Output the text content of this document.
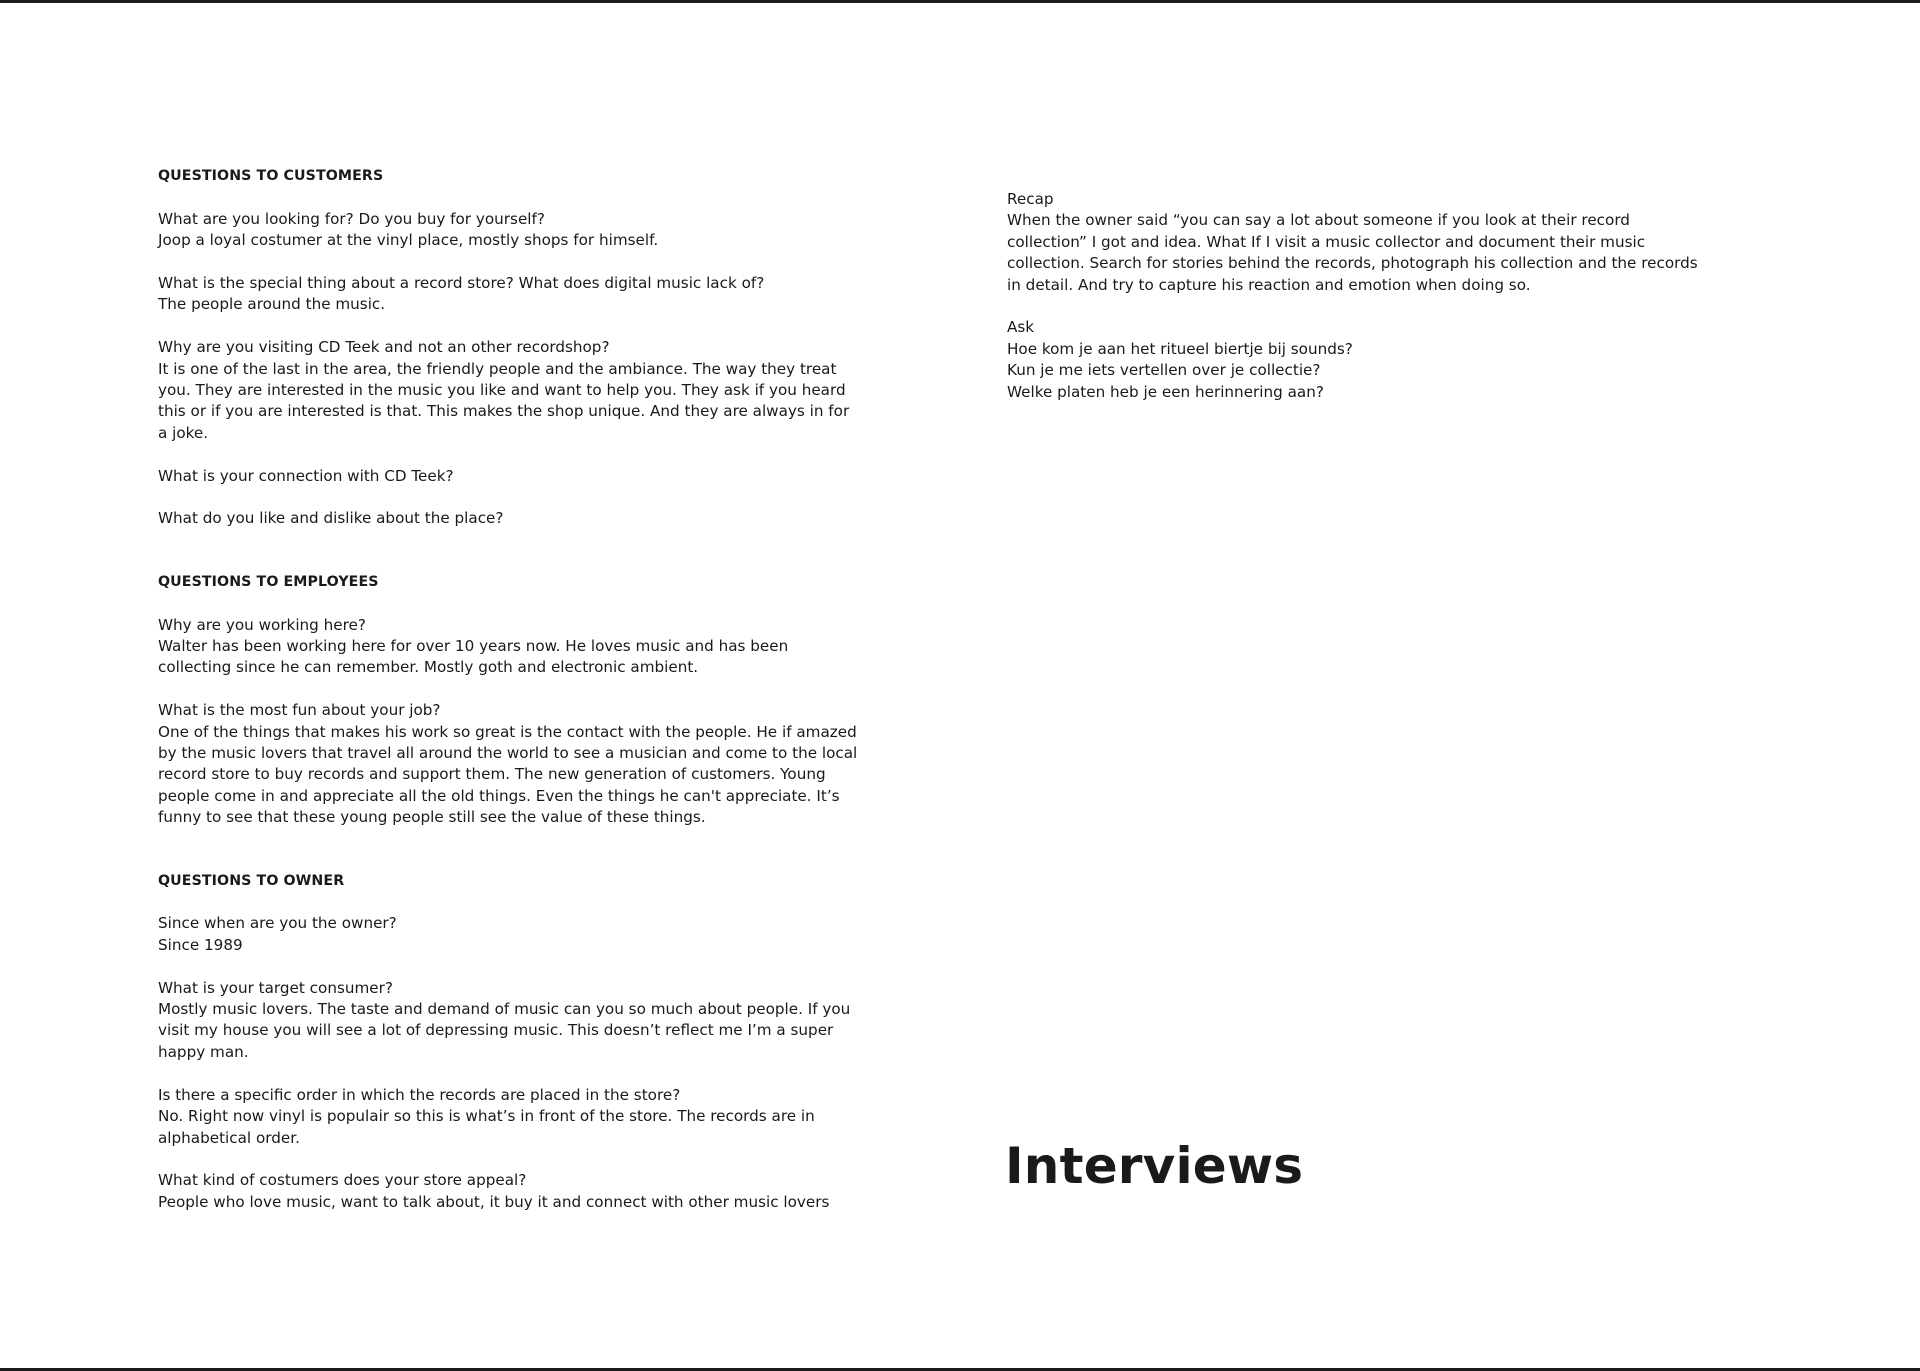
QUESTIONS TO CUSTOMERS
What are you looking for? Do you buy for yourself?
Joop a loyal costumer at the vinyl place, mostly shops for himself.
What is the special thing about a record store? What does digital music lack of?
The people around the music.
Why are you visiting CD Teek and not an other recordshop?
It is one of the last in the area, the friendly people and the ambiance. The way they treat you. They are interested in the music you like and want to help you. They ask if you heard this or if you are interested is that. This makes the shop unique. And they are always in for a joke.
What is your connection with CD Teek?
What do you like and dislike about the place?
QUESTIONS TO EMPLOYEES
Why are you working here?
Walter has been working here for over 10 years now. He loves music and has been collecting since he can remember. Mostly goth and electronic ambient.
What is the most fun about your job?
One of the things that makes his work so great is the contact with the people. He if amazed by the music lovers that travel all around the world to see a musician and come to the local record store to buy records and support them. The new generation of customers. Young people come in and appreciate all the old things. Even the things he can't appreciate. It’s funny to see that these young people still see the value of these things.
QUESTIONS TO OWNER
Since when are you the owner?
Since 1989
What is your target consumer?
Mostly music lovers. The taste and demand of music can you so much about people. If you visit my house you will see a lot of depressing music. This doesn’t reflect me I’m a super happy man.
Is there a specific order in which the records are placed in the store?
No. Right now vinyl is populair so this is what’s in front of the store. The records are in alphabetical order.
What kind of costumers does your store appeal?
People who love music, want to talk about, it buy it and connect with other music lovers
Recap
When the owner said “you can say a lot about someone if you look at their record collection” I got and idea. What If I visit a music collector and document their music collection. Search for stories behind the records, photograph his collection and the records in detail. And try to capture his reaction and emotion when doing so.
Ask
Hoe kom je aan het ritueel biertje bij sounds?
Kun je me iets vertellen over je collectie?
Welke platen heb je een herinnering aan?
Interviews
